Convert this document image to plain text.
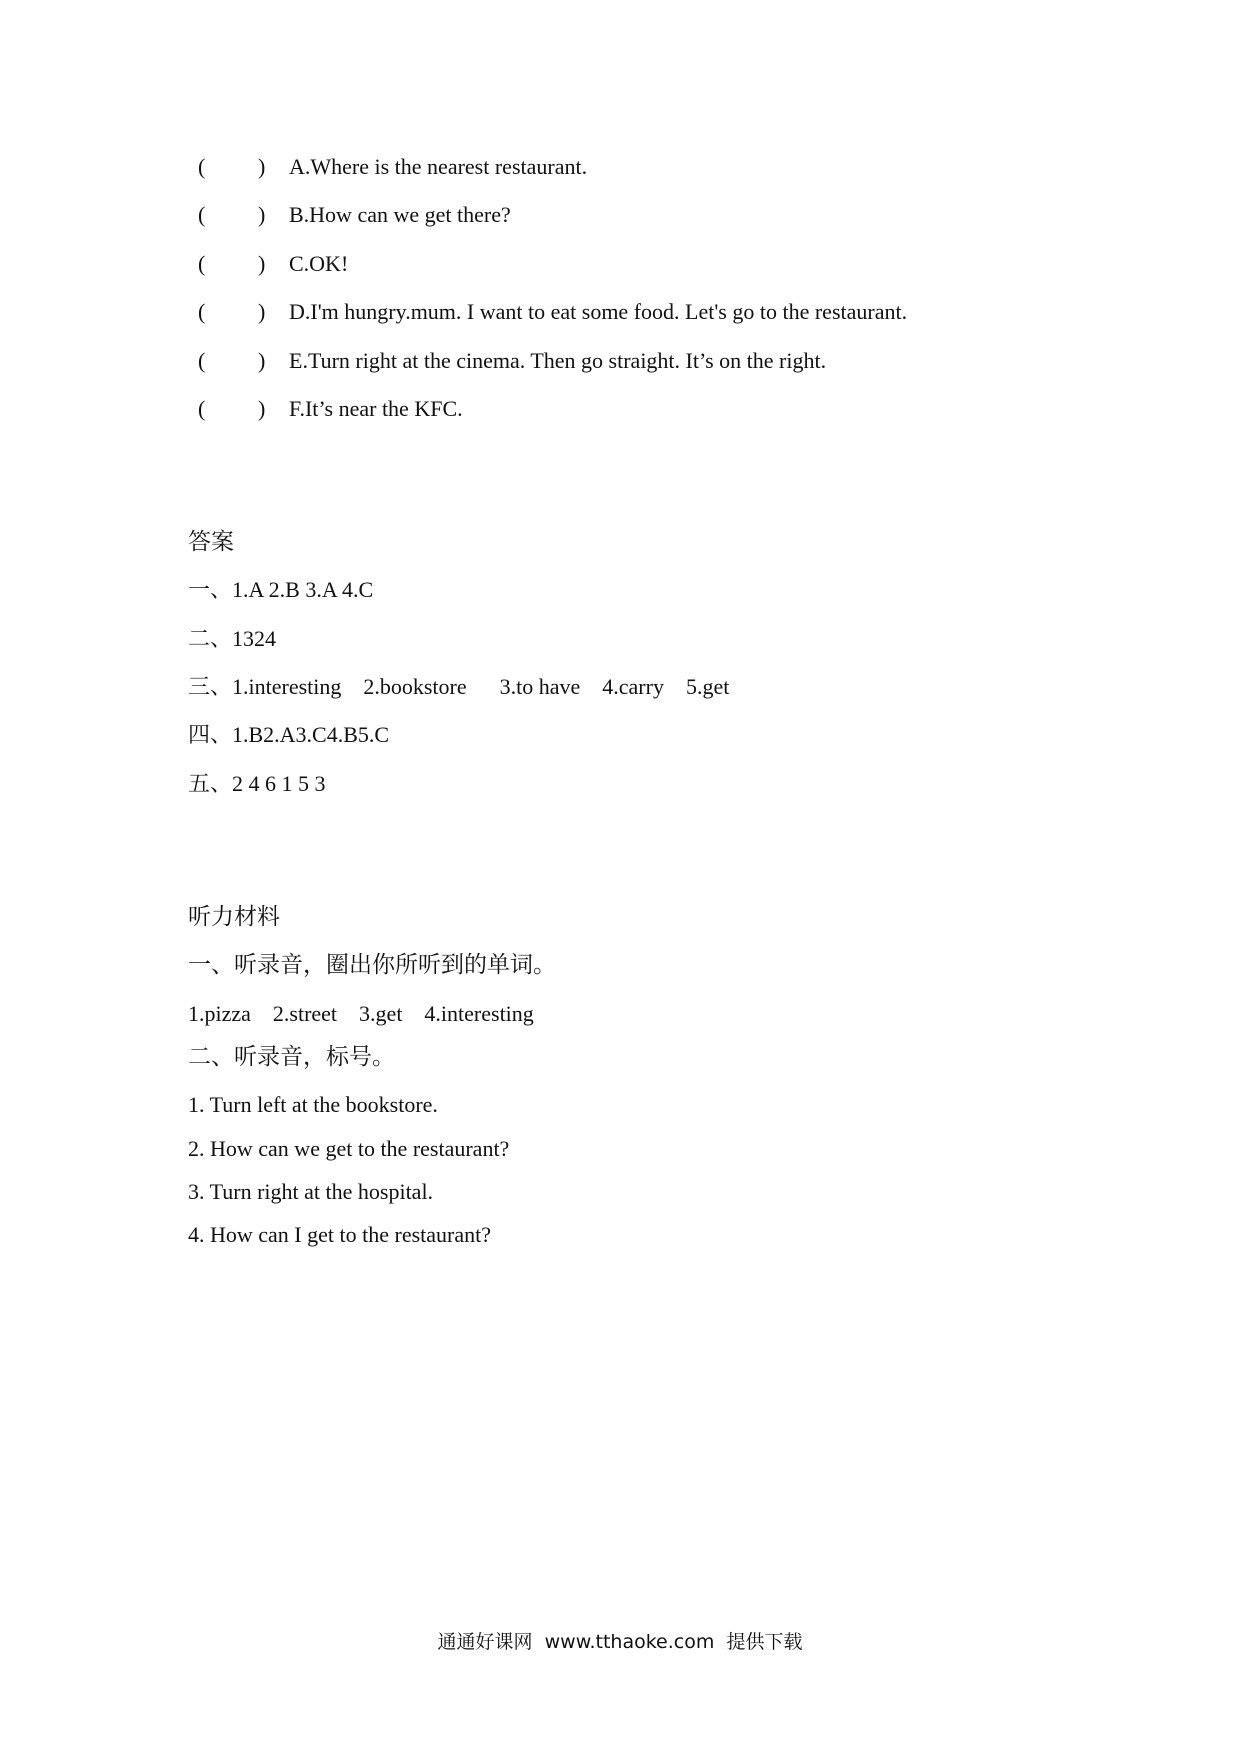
( ) A.Where is the nearest restaurant.
( ) B.How can we get there?
( ) C.OK!
( ) D.I'm hungry.mum. I want to eat some food. Let's go to the restaurant.
( ) E.Turn right at the cinema. Then go straight. It’s on the right.
( ) F.It’s near the KFC.
答案
一、1.A 2.B 3.A 4.C
二、1324
三、1.interesting    2.bookstore      3.to have    4.carry    5.get
四、1.B2.A3.C4.B5.C
五、2 4 6 1 5 3
听力材料
一、听录音，圈出你所听到的单词。
1.pizza    2.street    3.get    4.interesting
二、听录音，标号。
1. Turn left at the bookstore.
2. How can we get to the restaurant?
3. Turn right at the hospital.
4. How can I get to the restaurant?
通通好课网  www.tthaoke.com  提供下载
